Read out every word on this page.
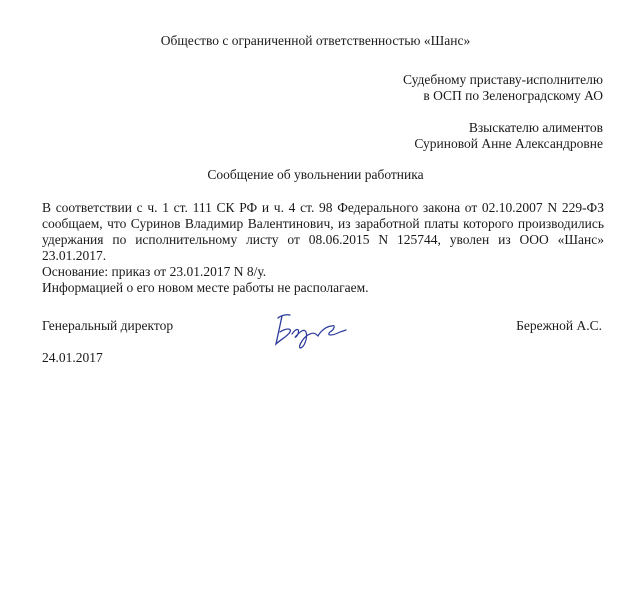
Общество с ограниченной ответственностью «Шанс»
Судебному приставу-исполнителю
в ОСП по Зеленоградскому АО
Взыскателю алиментов
Суриновой Анне Александровне
Сообщение об увольнении работника

В соответствии с ч. 1 ст. 111 СК РФ и ч. 4 ст. 98 Федерального закона от 02.10.2007 N 229-ФЗ сообщаем, что Суринов Владимир Валентинович, из заработной платы которого производились удержания по исполнительному листу от 08.06.2015 N 125744, уволен из ООО «Шанс» 23.01.2017.

Основание: приказ от 23.01.2017 N 8/у.

Информацией о его новом месте работы не располагаем.

Генеральный директор	Бережной А.С.
24.01.2017
